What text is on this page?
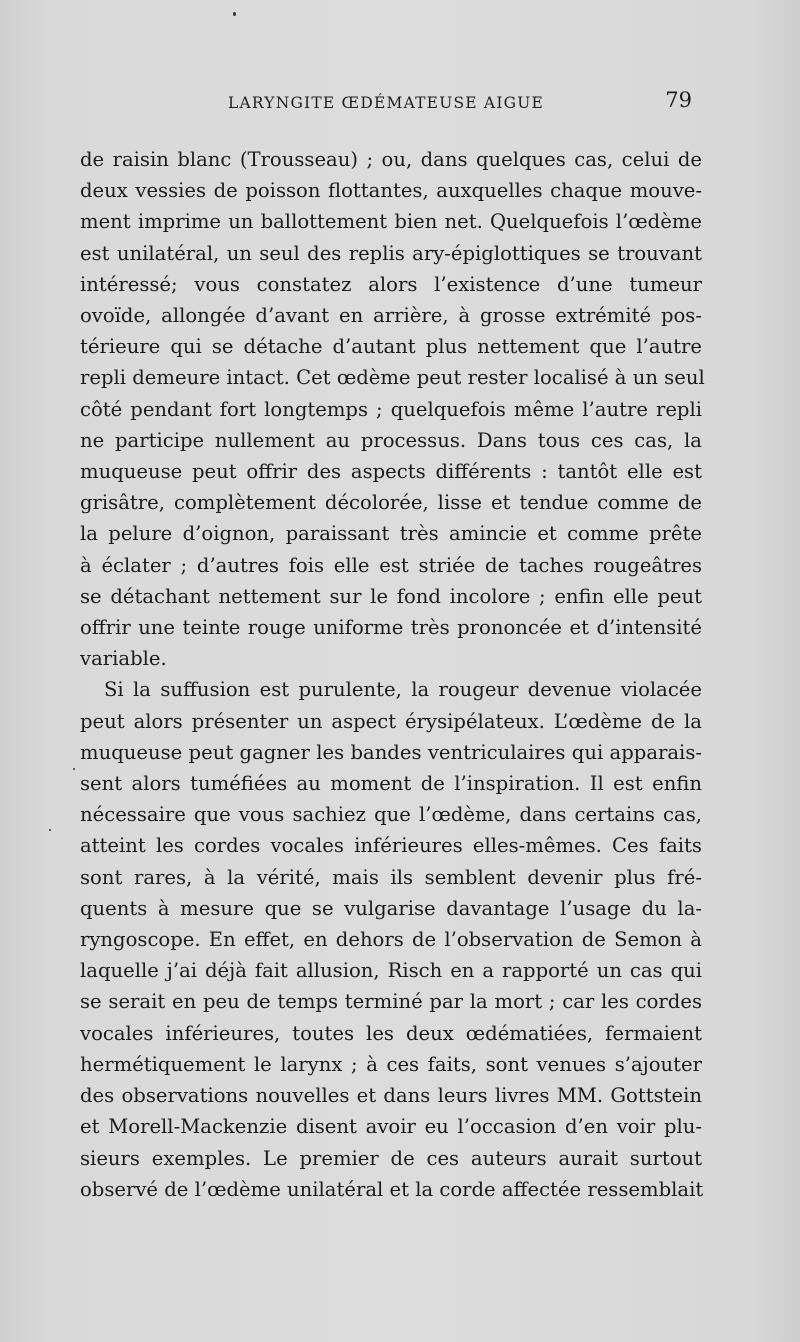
LARYNGITE ŒDÉMATEUSE AIGUE	79
de raisin blanc (Trousseau) ; ou, dans quelques cas, celui de
deux vessies de poisson flottantes, auxquelles chaque mouve-
ment imprime un ballottement bien net. Quelquefois l’œdème
est unilatéral, un seul des replis ary-épiglottiques se trouvant
intéressé; vous constatez alors l’existence d’une tumeur
ovoïde, allongée d’avant en arrière, à grosse extrémité pos-
térieure qui se détache d’autant plus nettement que l’autre
repli demeure intact. Cet œdème peut rester localisé à un seul
côté pendant fort longtemps ; quelquefois même l’autre repli
ne participe nullement au processus. Dans tous ces cas, la
muqueuse peut offrir des aspects différents : tantôt elle est
grisâtre, complètement décolorée, lisse et tendue comme de
la pelure d’oignon, paraissant très amincie et comme prête
à éclater ; d’autres fois elle est striée de taches rougeâtres
se détachant nettement sur le fond incolore ; enfin elle peut
offrir une teinte rouge uniforme très prononcée et d’intensité
variable.
Si la suffusion est purulente, la rougeur devenue violacée
peut alors présenter un aspect érysipélateux. L’œdème de la
muqueuse peut gagner les bandes ventriculaires qui apparais-
sent alors tuméfiées au moment de l’inspiration. Il est enfin
nécessaire que vous sachiez que l’œdème, dans certains cas,
atteint les cordes vocales inférieures elles-mêmes. Ces faits
sont rares, à la vérité, mais ils semblent devenir plus fré-
quents à mesure que se vulgarise davantage l’usage du la-
ryngoscope. En effet, en dehors de l’observation de Semon à
laquelle j’ai déjà fait allusion, Risch en a rapporté un cas qui
se serait en peu de temps terminé par la mort ; car les cordes
vocales inférieures, toutes les deux œdématiées, fermaient
hermétiquement le larynx ; à ces faits, sont venues s’ajouter
des observations nouvelles et dans leurs livres MM. Gottstein
et Morell-Mackenzie disent avoir eu l’occasion d’en voir plu-
sieurs exemples. Le premier de ces auteurs aurait surtout
observé de l’œdème unilatéral et la corde affectée ressemblait
